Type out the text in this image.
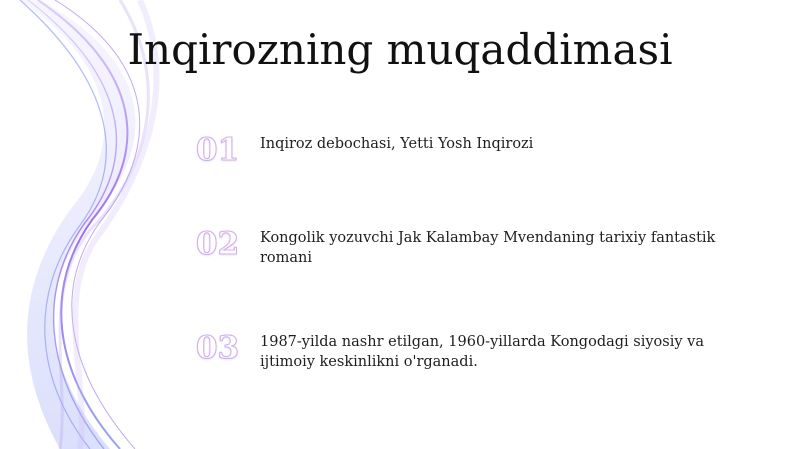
Inqirozning muqaddimasi
01	Inqiroz debochasi, Yetti Yosh Inqirozi
02	Kongolik yozuvchi Jak Kalambay Mvendaning tarixiy fantastik romani
03	1987-yilda nashr etilgan, 1960-yillarda Kongodagi siyosiy va ijtimoiy keskinlikni o'rganadi.
